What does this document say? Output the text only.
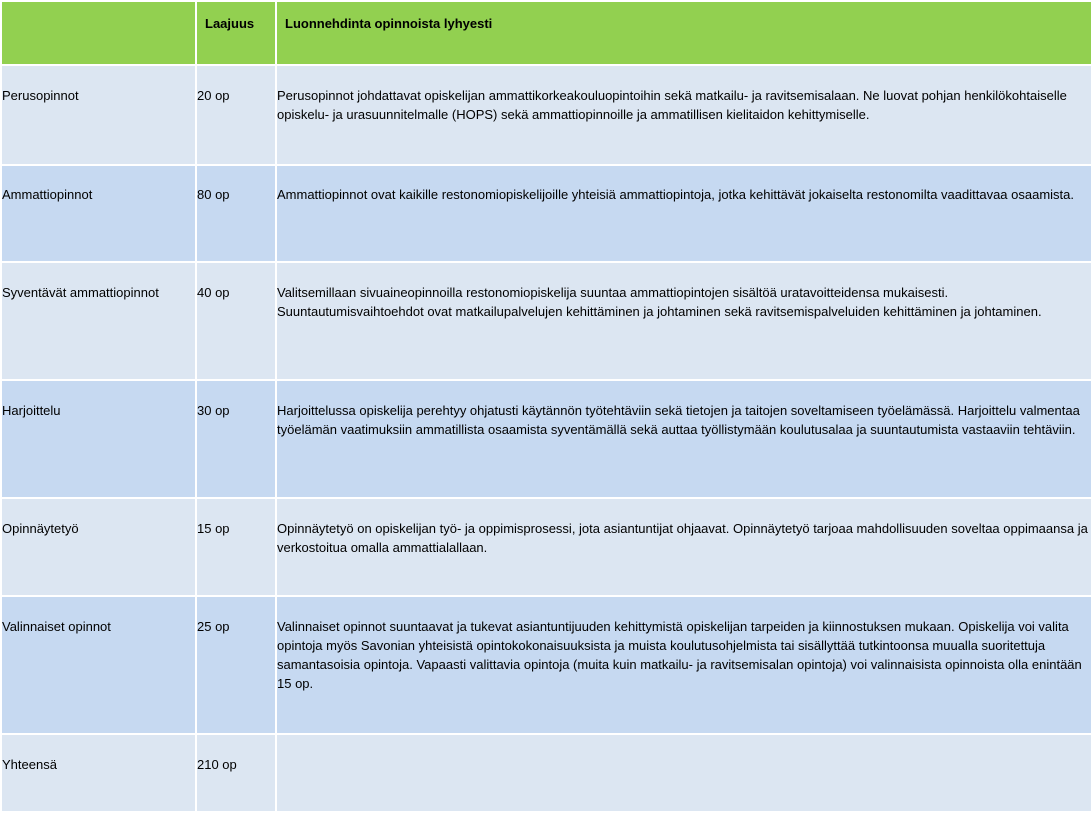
	Laajuus	Luonnehdinta opinnoista lyhyesti
Perusopinnot	20 op	Perusopinnot johdattavat opiskelijan ammattikorkeakouluopintoihin sekä matkailu- ja ravitsemisalaan. Ne luovat pohjan henkilökohtaiselle opiskelu- ja urasuunnitelmalle (HOPS) sekä ammattiopinnoille ja ammatillisen kielitaidon kehittymiselle.
Ammattiopinnot	80 op	Ammattiopinnot ovat kaikille restonomiopiskelijoille yhteisiä ammattiopintoja, jotka kehittävät jokaiselta restonomilta vaadittavaa osaamista.
Syventävät ammattiopinnot	40 op	Valitsemillaan sivuaineopinnoilla restonomiopiskelija suuntaa ammattiopintojen sisältöä uratavoitteidensa mukaisesti. Suuntautumisvaihtoehdot ovat matkailupalvelujen kehittäminen ja johtaminen sekä ravitsemispalveluiden kehittäminen ja johtaminen.
Harjoittelu	30 op	Harjoittelussa opiskelija perehtyy ohjatusti käytännön työtehtäviin sekä tietojen ja taitojen soveltamiseen työelämässä. Harjoittelu valmentaa työelämän vaatimuksiin ammatillista osaamista syventämällä sekä auttaa työllistymään koulutusalaa ja suuntautumista vastaaviin tehtäviin.
Opinnäytetyö	15 op	Opinnäytetyö on opiskelijan työ- ja oppimisprosessi, jota asiantuntijat ohjaavat. Opinnäytetyö tarjoaa mahdollisuuden soveltaa oppimaansa ja verkostoitua omalla ammattialallaan.
Valinnaiset opinnot	25 op	Valinnaiset opinnot suuntaavat ja tukevat asiantuntijuuden kehittymistä opiskelijan tarpeiden ja kiinnostuksen mukaan. Opiskelija voi valita opintoja myös Savonian yhteisistä opintokokonaisuuksista ja muista koulutusohjelmista tai sisällyttää tutkintoonsa muualla suoritettuja samantasoisia opintoja. Vapaasti valittavia opintoja (muita kuin matkailu- ja ravitsemisalan opintoja) voi valinnaisista opinnoista olla enintään 15 op.
Yhteensä	210 op	
